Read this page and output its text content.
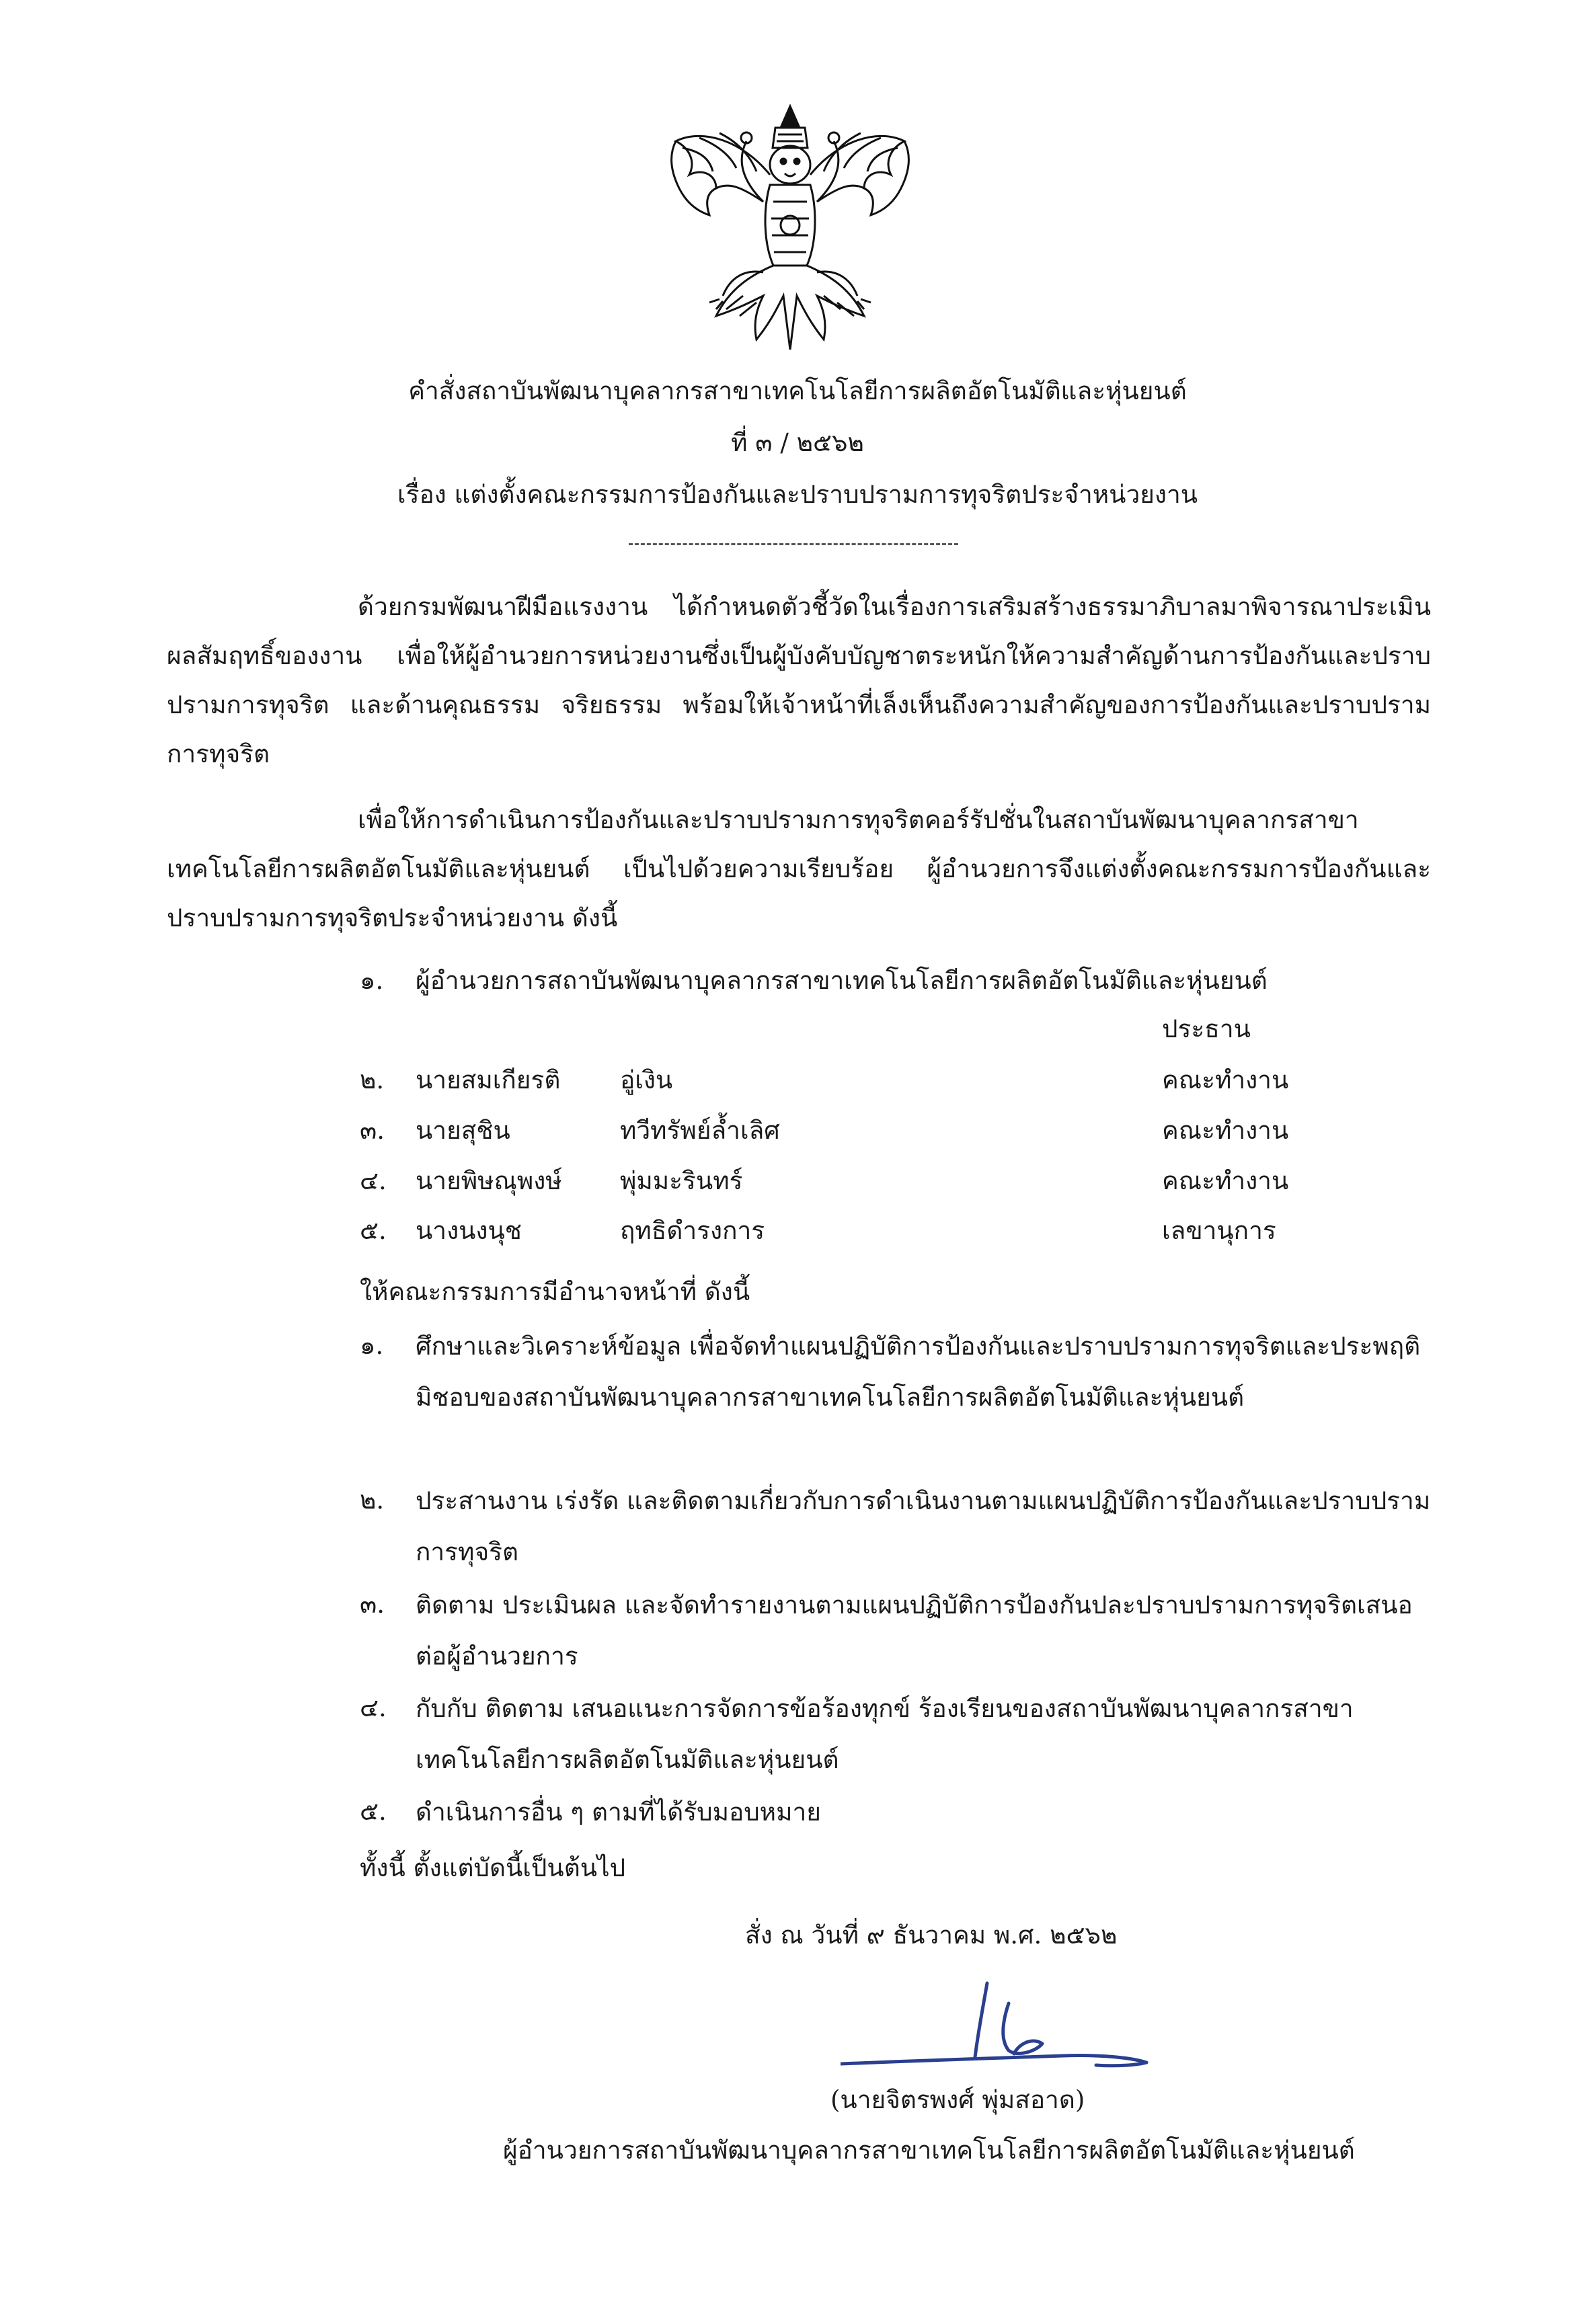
คำสั่งสถาบันพัฒนาบุคลากรสาขาเทคโนโลยีการผลิตอัตโนมัติและหุ่นยนต์
ที่ ๓ / ๒๕๖๒
เรื่อง แต่งตั้งคณะกรรมการป้องกันและปราบปรามการทุจริตประจำหน่วยงาน
ด้วยกรมพัฒนาฝีมือแรงงาน ได้กำหนดตัวชี้วัดในเรื่องการเสริมสร้างธรรมาภิบาลมาพิจารณาประเมินผลสัมฤทธิ์ของงาน เพื่อให้ผู้อำนวยการหน่วยงานซึ่งเป็นผู้บังคับบัญชาตระหนักให้ความสำคัญด้านการป้องกันและปราบปรามการทุจริต และด้านคุณธรรม จริยธรรม พร้อมให้เจ้าหน้าที่เล็งเห็นถึงความสำคัญของการป้องกันและปราบปรามการทุจริต
เพื่อให้การดำเนินการป้องกันและปราบปรามการทุจริตคอร์รัปชั่นในสถาบันพัฒนาบุคลากรสาขาเทคโนโลยีการผลิตอัตโนมัติและหุ่นยนต์ เป็นไปด้วยความเรียบร้อย ผู้อำนวยการจึงแต่งตั้งคณะกรรมการป้องกันและปราบปรามการทุจริตประจำหน่วยงาน ดังนี้
๑. ผู้อำนวยการสถาบันพัฒนาบุคลากรสาขาเทคโนโลยีการผลิตอัตโนมัติและหุ่นยนต์
ประธาน
๒. นายสมเกียรติ อู่เงิน	คณะทำงาน
๓. นายสุชิน	ทวีทรัพย์ล้ำเลิศ	คณะทำงาน
๔. นายพิษณุพงษ์ พุ่มมะรินทร์	คณะทำงาน
๕. นางนงนุช	ฤทธิดำรงการ	เลขานุการ
ให้คณะกรรมการมีอำนาจหน้าที่ ดังนี้
๑. ศึกษาและวิเคราะห์ข้อมูล เพื่อจัดทำแผนปฏิบัติการป้องกันและปราบปรามการทุจริตและประพฤติมิชอบของสถาบันพัฒนาบุคลากรสาขาเทคโนโลยีการผลิตอัตโนมัติและหุ่นยนต์
๒. ประสานงาน เร่งรัด และติดตามเกี่ยวกับการดำเนินงานตามแผนปฏิบัติการป้องกันและปราบปรามการทุจริต
๓. ติดตาม ประเมินผล และจัดทำรายงานตามแผนปฏิบัติการป้องกันปละปราบปรามการทุจริตเสนอต่อผู้อำนวยการ
๔. กับกับ ติดตาม เสนอแนะการจัดการข้อร้องทุกข์ ร้องเรียนของสถาบันพัฒนาบุคลากรสาขาเทคโนโลยีการผลิตอัตโนมัติและหุ่นยนต์
๕. ดำเนินการอื่น ๆ ตามที่ได้รับมอบหมาย
ทั้งนี้ ตั้งแต่บัดนี้เป็นต้นไป
สั่ง ณ วันที่ ๙ ธันวาคม พ.ศ. ๒๕๖๒
(นายจิตรพงศ์ พุ่มสอาด)
ผู้อำนวยการสถาบันพัฒนาบุคลากรสาขาเทคโนโลยีการผลิตอัตโนมัติและหุ่นยนต์
